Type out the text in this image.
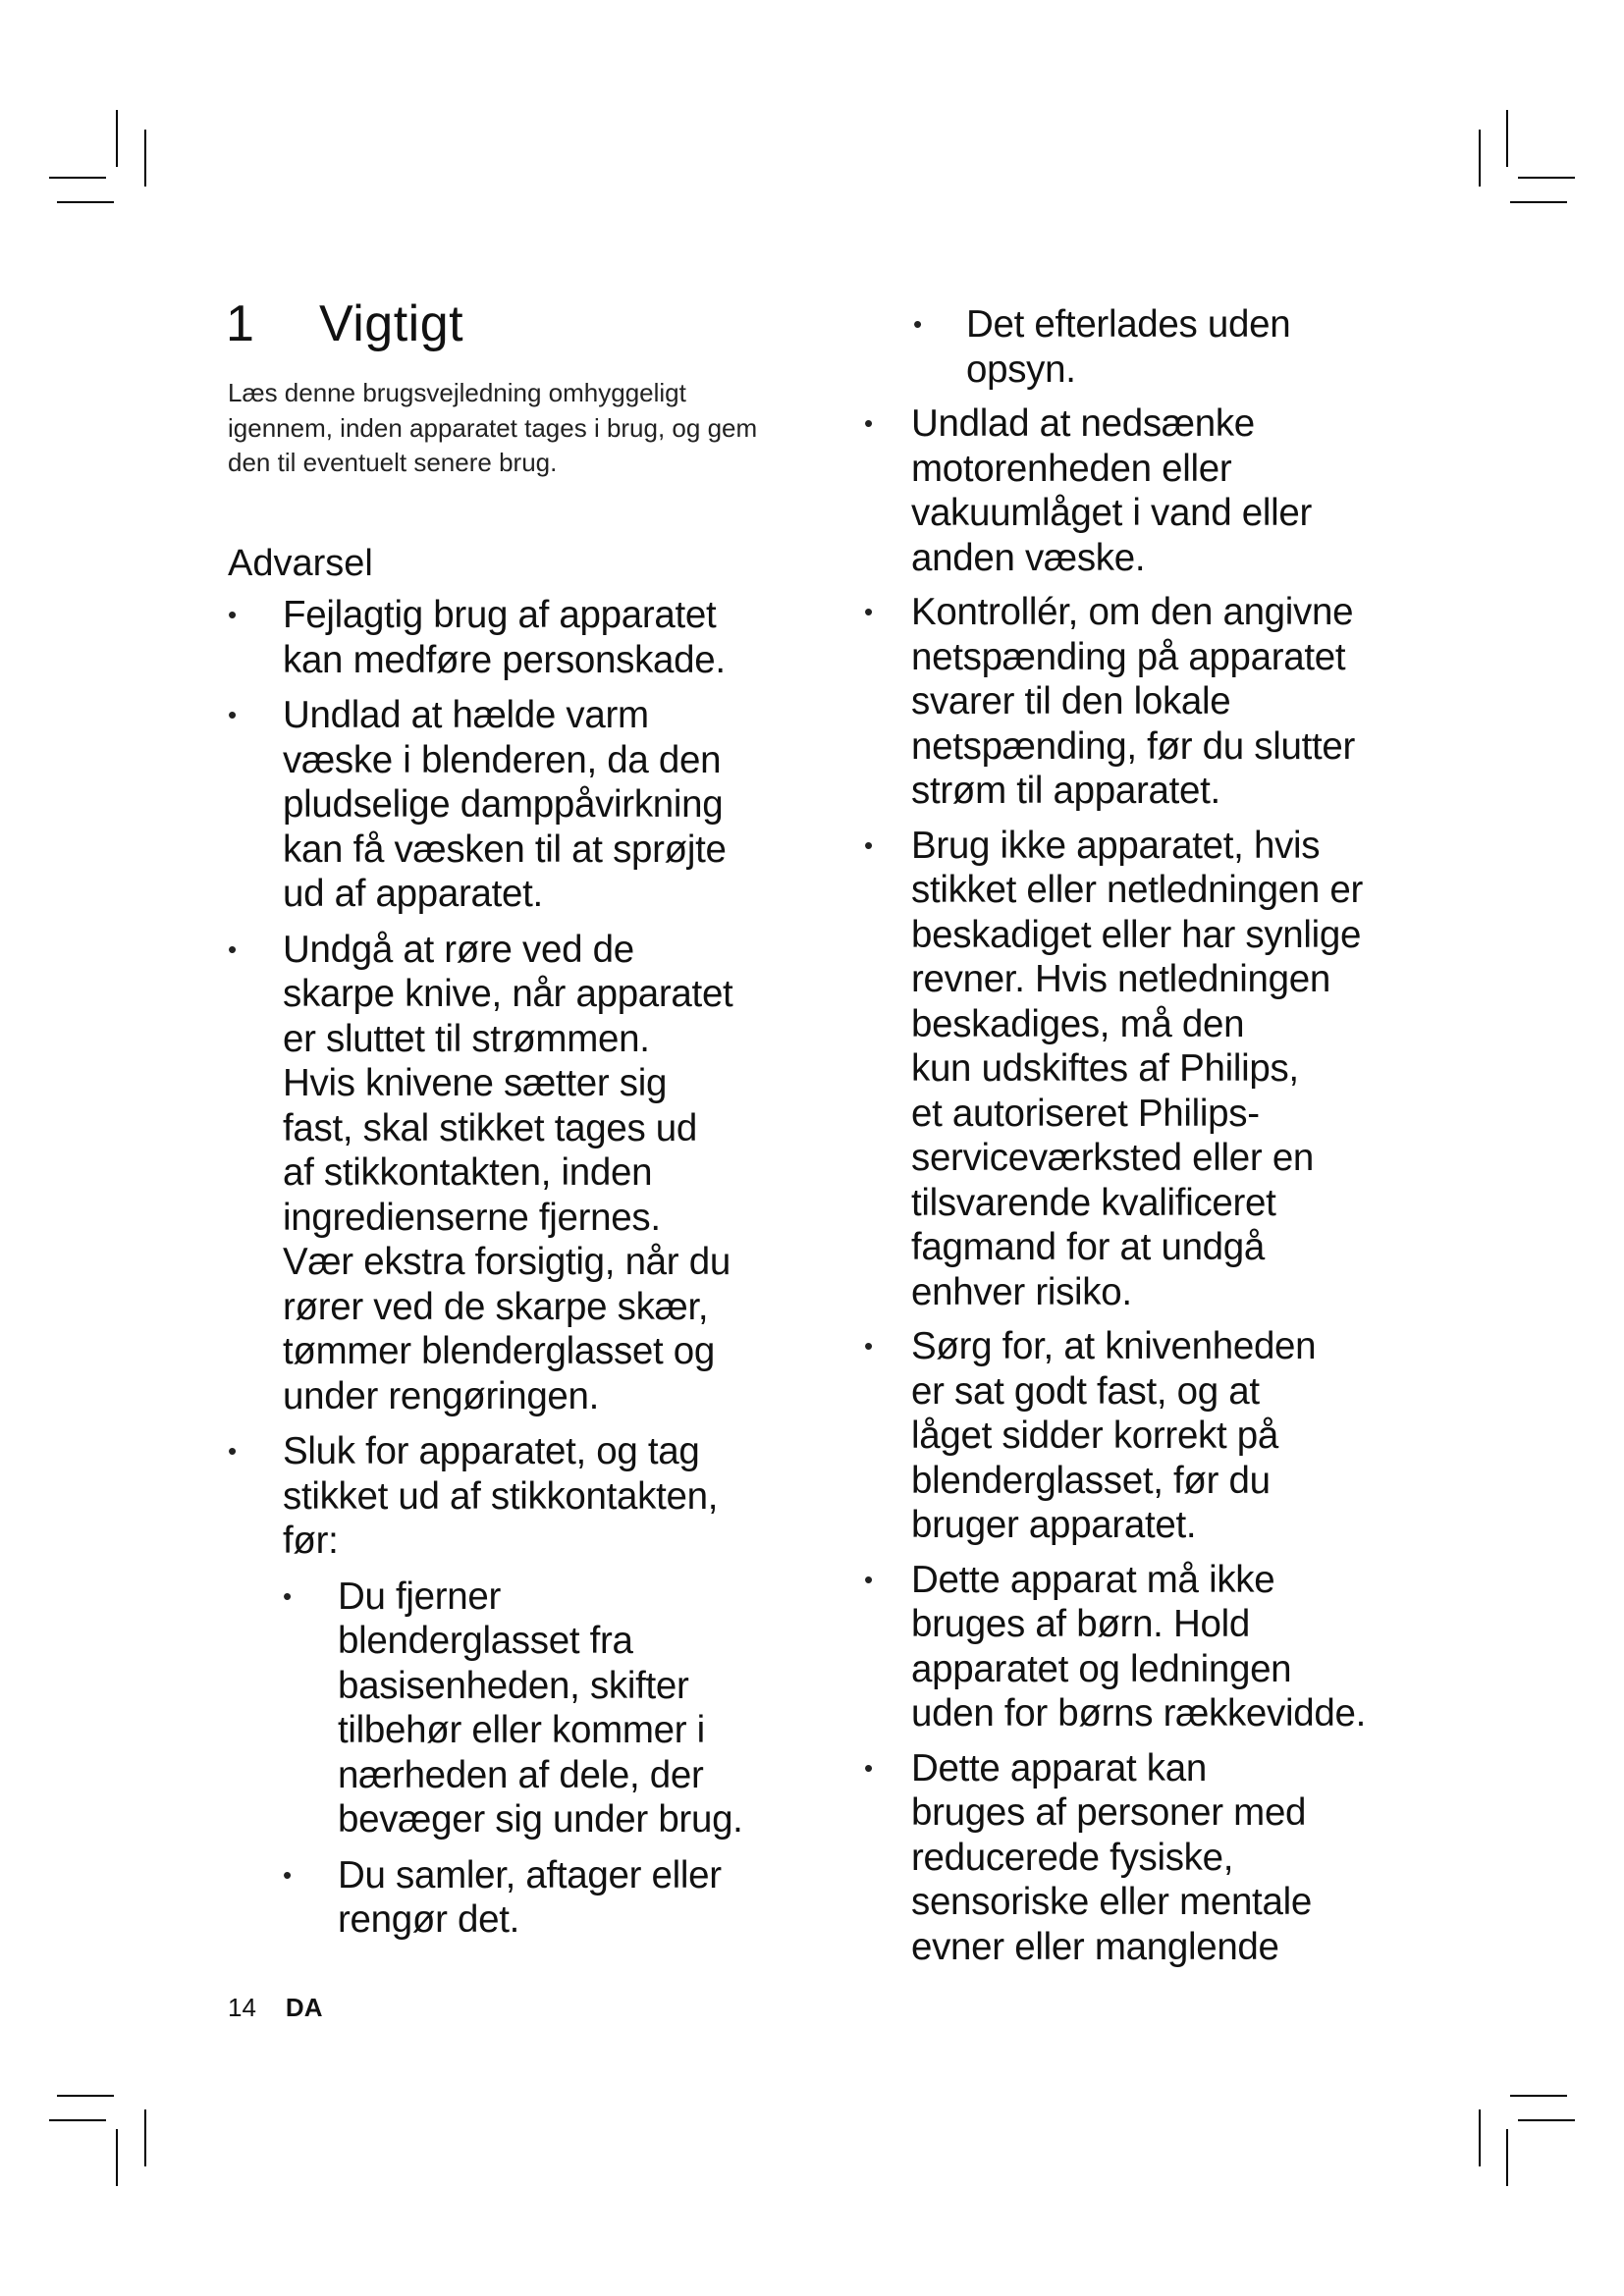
1 Vigtigt

Læs denne brugsvejledning omhyggeligt igennem, inden apparatet tages i brug, og gem den til eventuelt senere brug.

Advarsel
• Fejlagtig brug af apparatet
kan medføre personskade.
• Undlad at hælde varm
væske i blenderen, da den
pludselige damppåvirkning
kan få væsken til at sprøjte
ud af apparatet.
• Undgå at røre ved de
skarpe knive, når apparatet
er sluttet til strømmen.
Hvis knivene sætter sig
fast, skal stikket tages ud
af stikkontakten, inden
ingredienserne fjernes.
Vær ekstra forsigtig, når du
rører ved de skarpe skær,
tømmer blenderglasset og
under rengøringen.
• Sluk for apparatet, og tag
stikket ud af stikkontakten,
før:
• Du fjerner
blenderglasset fra
basisenheden, skifter
tilbehør eller kommer i
nærheden af dele, der
bevæger sig under brug.
• Du samler, aftager eller
rengør det.
• Det efterlades uden
opsyn.
• Undlad at nedsænke
motorenheden eller
vakuumlåget i vand eller
anden væske.
• Kontrollér, om den angivne
netspænding på apparatet
svarer til den lokale
netspænding, før du slutter
strøm til apparatet.
• Brug ikke apparatet, hvis
stikket eller netledningen er
beskadiget eller har synlige
revner. Hvis netledningen
beskadiges, må den
kun udskiftes af Philips,
et autoriseret Philips-
serviceværksted eller en
tilsvarende kvalificeret
fagmand for at undgå
enhver risiko.
• Sørg for, at knivenheden
er sat godt fast, og at
låget sidder korrekt på
blenderglasset, før du
bruger apparatet.
• Dette apparat må ikke
bruges af børn. Hold
apparatet og ledningen
uden for børns rækkevidde.
• Dette apparat kan
bruges af personer med
reducerede fysiske,
sensoriske eller mentale
evner eller manglende
14 DA
